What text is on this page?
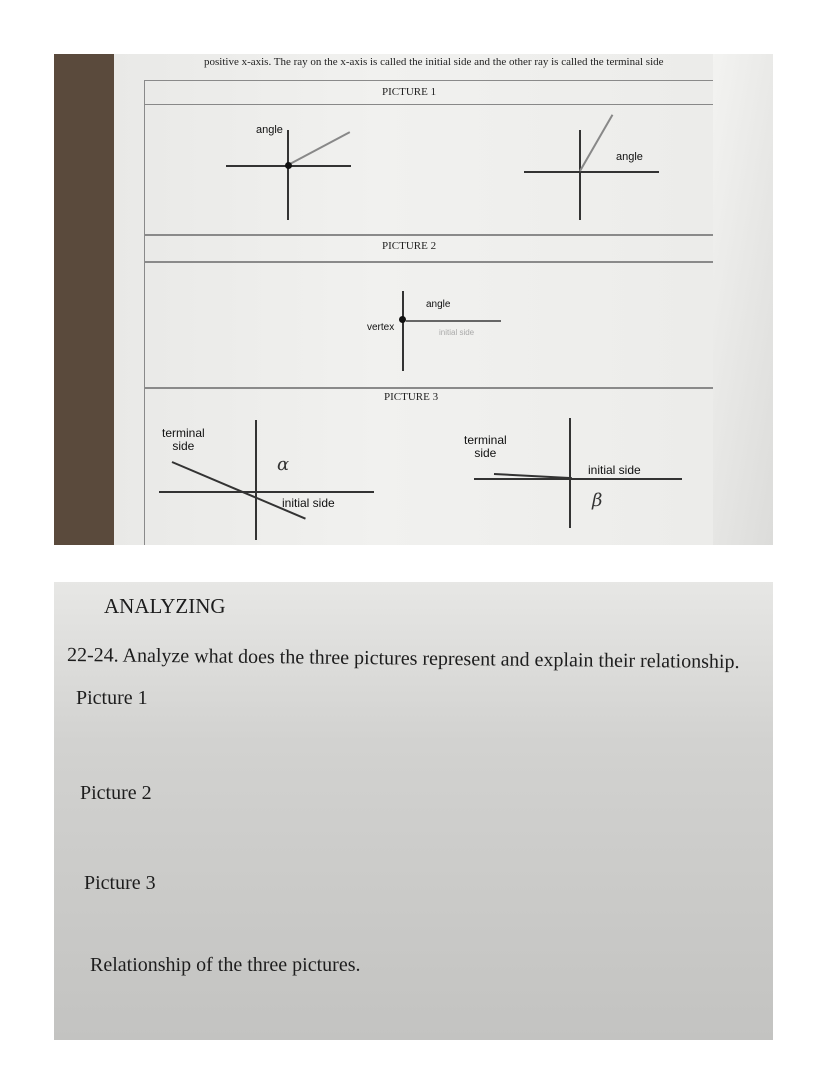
positive x-axis. The ray on the x-axis is called the initial side and the other ray is called the terminal side
PICTURE 1
angle
angle
PICTURE 2
angle
vertex	initial side
PICTURE 3
terminal
side
initial side
α
terminal
side
initial side
β
ANALYZING
22-24. Analyze what does the three pictures represent and explain their relationship.
Picture 1
Picture 2
Picture 3
Relationship of the three pictures.
